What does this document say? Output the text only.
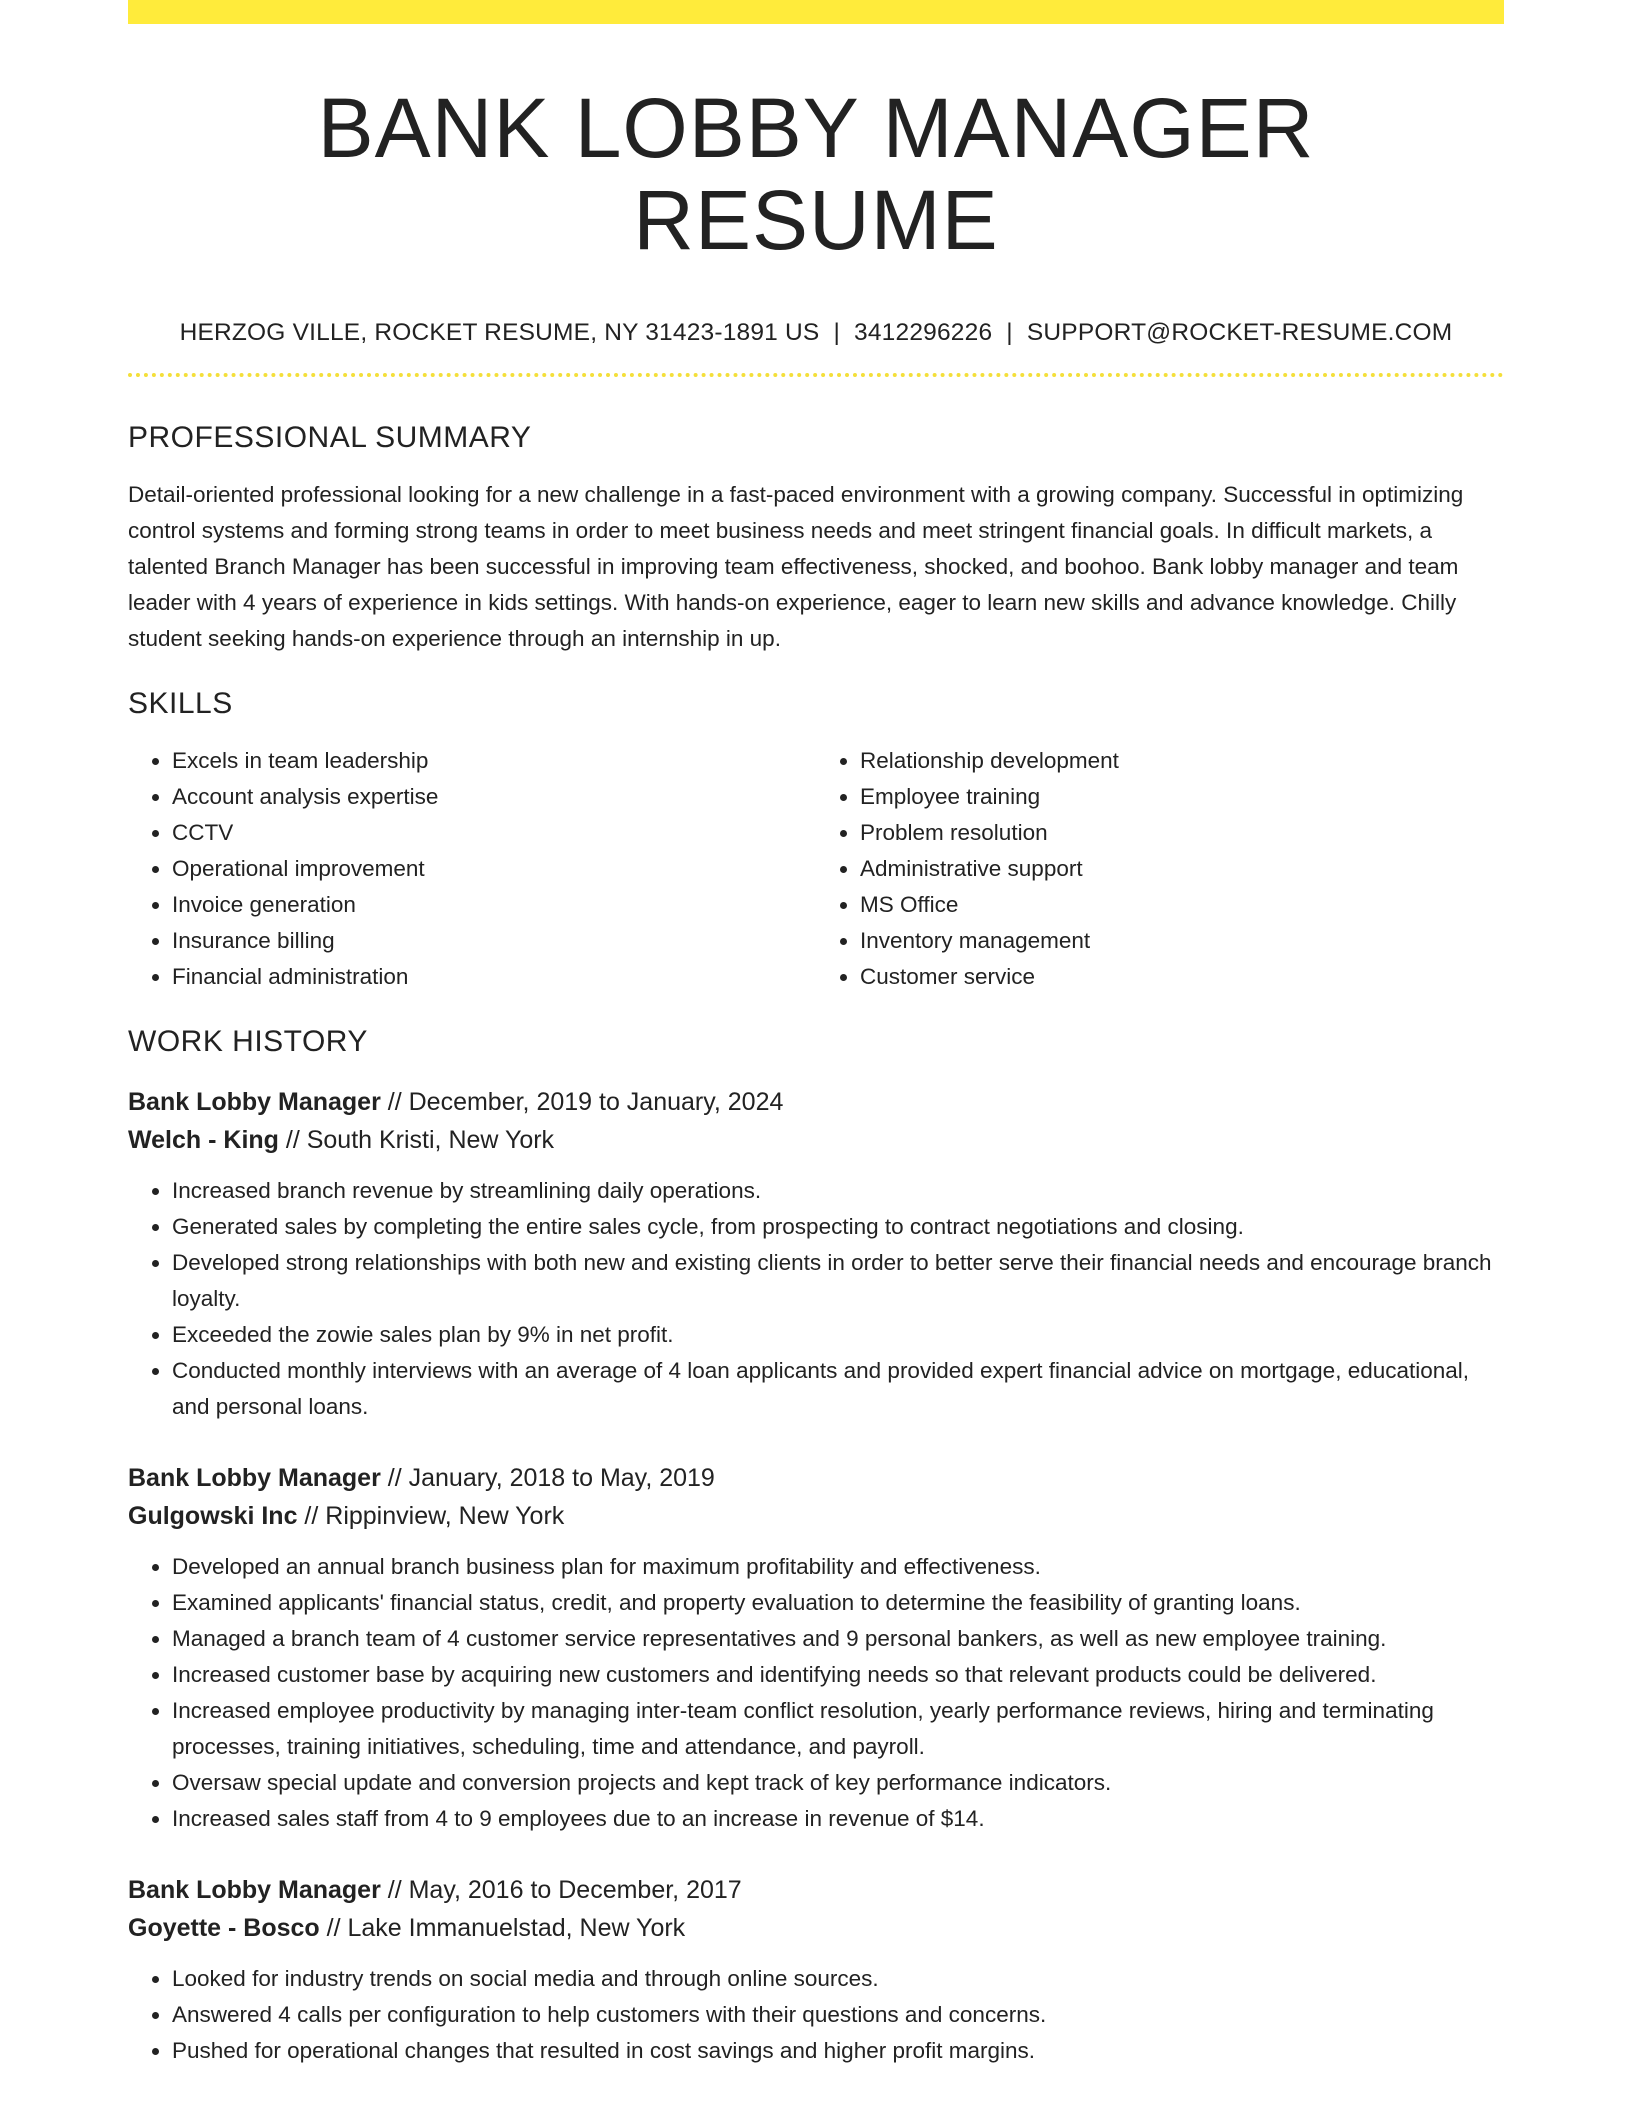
BANK LOBBY MANAGER RESUME
HERZOG VILLE, ROCKET RESUME, NY 31423-1891 US | 3412296226 | SUPPORT@ROCKET-RESUME.COM
PROFESSIONAL SUMMARY

Detail-oriented professional looking for a new challenge in a fast-paced environment with a growing company. Successful in optimizing control systems and forming strong teams in order to meet business needs and meet stringent financial goals. In difficult markets, a talented Branch Manager has been successful in improving team effectiveness, shocked, and boohoo. Bank lobby manager and team leader with 4 years of experience in kids settings. With hands-on experience, eager to learn new skills and advance knowledge. Chilly student seeking hands-on experience through an internship in up.

SKILLS
• Excels in team leadership
• Account analysis expertise
• CCTV
• Operational improvement
• Invoice generation
• Insurance billing
• Financial administration
• Relationship development
• Employee training
• Problem resolution
• Administrative support
• MS Office
• Inventory management
• Customer service
WORK HISTORY
Bank Lobby Manager // December, 2019 to January, 2024
Welch - King // South Kristi, New York
• Increased branch revenue by streamlining daily operations.
• Generated sales by completing the entire sales cycle, from prospecting to contract negotiations and closing.
• Developed strong relationships with both new and existing clients in order to better serve their financial needs and encourage branch loyalty.
• Exceeded the zowie sales plan by 9% in net profit.
• Conducted monthly interviews with an average of 4 loan applicants and provided expert financial advice on mortgage, educational, and personal loans.
Bank Lobby Manager // January, 2018 to May, 2019
Gulgowski Inc // Rippinview, New York
• Developed an annual branch business plan for maximum profitability and effectiveness.
• Examined applicants' financial status, credit, and property evaluation to determine the feasibility of granting loans.
• Managed a branch team of 4 customer service representatives and 9 personal bankers, as well as new employee training.
• Increased customer base by acquiring new customers and identifying needs so that relevant products could be delivered.
• Increased employee productivity by managing inter-team conflict resolution, yearly performance reviews, hiring and terminating processes, training initiatives, scheduling, time and attendance, and payroll.
• Oversaw special update and conversion projects and kept track of key performance indicators.
• Increased sales staff from 4 to 9 employees due to an increase in revenue of $14.
Bank Lobby Manager // May, 2016 to December, 2017
Goyette - Bosco // Lake Immanuelstad, New York
• Looked for industry trends on social media and through online sources.
• Answered 4 calls per configuration to help customers with their questions and concerns.
• Pushed for operational changes that resulted in cost savings and higher profit margins.
